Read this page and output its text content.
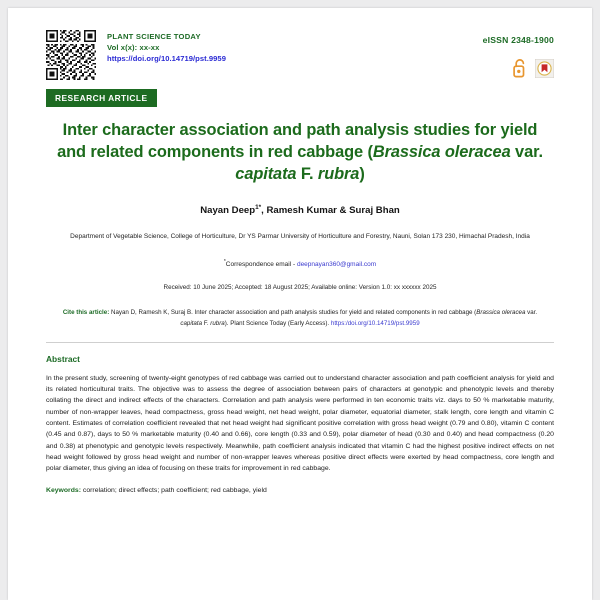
PLANT SCIENCE TODAY
Vol x(x): xx-xx
https://doi.org/10.14719/pst.9959
eISSN 2348-1900
RESEARCH ARTICLE
Inter character association and path analysis studies for yield and related components in red cabbage (Brassica oleracea var. capitata F. rubra)
Nayan Deep$^{1*}$, Ramesh Kumar & Suraj Bhan
Department of Vegetable Science, College of Horticulture, Dr YS Parmar University of Horticulture and Forestry, Nauni, Solan 173 230, Himachal Pradesh, India
*Correspondence email - deepnayan360@gmail.com
Received: 10 June 2025; Accepted: 18 August 2025; Available online: Version 1.0: xx xxxxxx 2025
Cite this article: Nayan D, Ramesh K, Suraj B. Inter character association and path analysis studies for yield and related components in red cabbage (Brassica oleracea var. capitata F. rubra). Plant Science Today (Early Access). https:/doi.org/10.14719/pst.9959
Abstract
In the present study, screening of twenty-eight genotypes of red cabbage was carried out to understand character association and path coefficient analysis for yield and its related horticultural traits. The objective was to assess the degree of association between pairs of characters at genotypic and phenotypic levels and thereby collating the direct and indirect effects of the characters. Correlation and path analysis were performed in ten economic traits viz. days to 50 % marketable maturity, number of non-wrapper leaves, head compactness, gross head weight, net head weight, polar diameter, equatorial diameter, stalk length, core length and vitamin C content. Estimates of correlation coefficient revealed that net head weight had significant positive correlation with gross head weight (0.79 and 0.80), vitamin C content (0.45 and 0.87), days to 50 % marketable maturity (0.40 and 0.66), core length (0.33 and 0.59), polar diameter of head (0.30 and 0.40) and head compactness (0.20 and 0.38) at phenotypic and genotypic levels respectively. Meanwhile, path coefficient analysis indicated that vitamin C had the highest positive indirect effects on net head weight followed by gross head weight and number of non-wrapper leaves whereas positive direct effects were exerted by head compactness, core length and polar diameter, thus giving an idea of focusing on these traits for improvement in red cabbage.
Keywords: correlation; direct effects; path coefficient; red cabbage, yield
